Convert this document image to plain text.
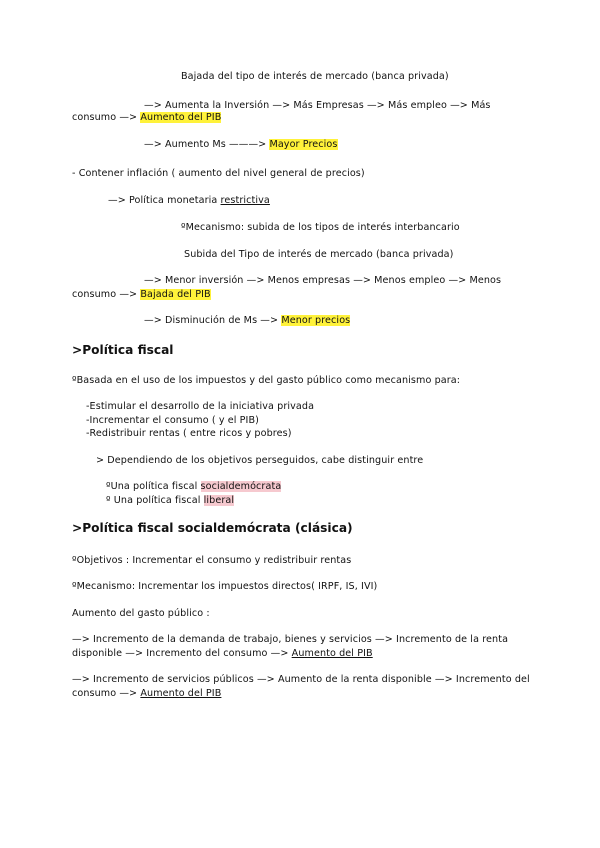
Bajada del tipo de interés de mercado (banca privada)
—> Aumenta la Inversión —> Más Empresas —> Más empleo —> Más
consumo —> Aumento del PIB
—> Aumento Ms ———> Mayor Precios
- Contener inflación ( aumento del nivel general de precios)
—> Política monetaria restrictiva
ºMecanismo: subida de los tipos de interés interbancario
Subida del Tipo de interés de mercado (banca privada)
—> Menor inversión —> Menos empresas —> Menos empleo —> Menos
consumo —> Bajada del PIB
—> Disminución de Ms —> Menor precios
>Política fiscal
ºBasada en el uso de los impuestos y del gasto público como mecanismo para:
-Estimular el desarrollo de la iniciativa privada
-Incrementar el consumo ( y el PIB)
-Redistribuir rentas ( entre ricos y pobres)
> Dependiendo de los objetivos perseguidos, cabe distinguir entre
ºUna política fiscal socialdemócrata
º Una política fiscal liberal
>Política fiscal socialdemócrata (clásica)
ºObjetivos : Incrementar el consumo y redistribuir rentas
ºMecanismo: Incrementar los impuestos directos( IRPF, IS, IVI)
Aumento del gasto público :
—> Incremento de la demanda de trabajo, bienes y servicios —> Incremento de la renta
disponible —> Incremento del consumo —> Aumento del PIB
—> Incremento de servicios públicos —> Aumento de la renta disponible —> Incremento del
consumo —> Aumento del PIB
